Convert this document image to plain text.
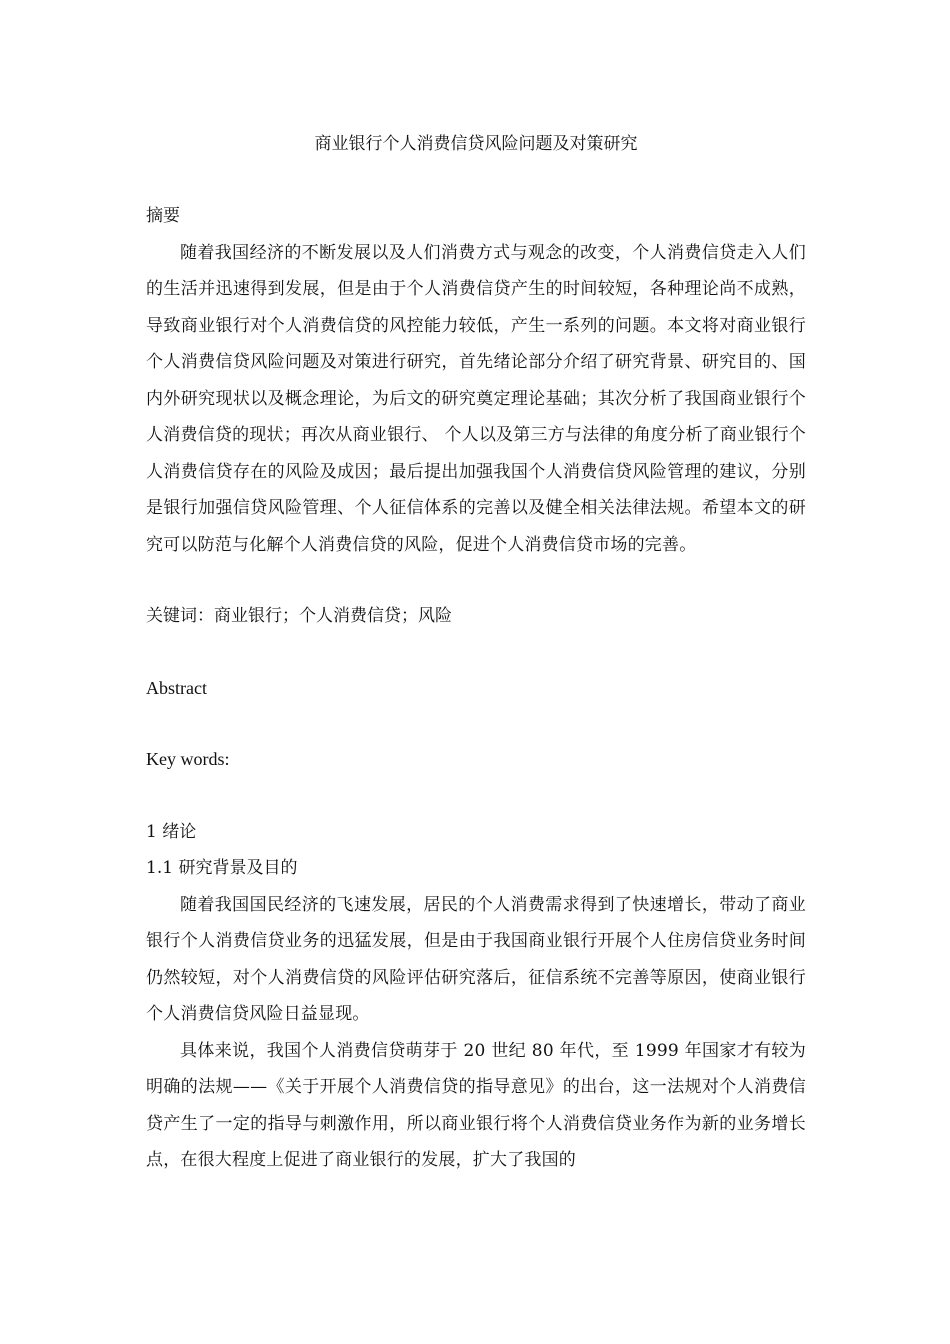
商业银行个人消费信贷风险问题及对策研究

摘要

随着我国经济的不断发展以及人们消费方式与观念的改变，个人消费信贷走入人们的生活并迅速得到发展，但是由于个人消费信贷产生的时间较短，各种理论尚不成熟，导致商业银行对个人消费信贷的风控能力较低，产生一系列的问题。本文将对商业银行个人消费信贷风险问题及对策进行研究，首先绪论部分介绍了研究背景、研究目的、国内外研究现状以及概念理论，为后文的研究奠定理论基础；其次分析了我国商业银行个人消费信贷的现状；再次从商业银行、 个人以及第三方与法律的角度分析了商业银行个人消费信贷存在的风险及成因；最后提出加强我国个人消费信贷风险管理的建议，分别是银行加强信贷风险管理、个人征信体系的完善以及健全相关法律法规。希望本文的研究可以防范与化解个人消费信贷的风险，促进个人消费信贷市场的完善。

关键词：商业银行；个人消费信贷；风险

Abstract

Key words:

1 绪论

1.1 研究背景及目的

随着我国国民经济的飞速发展，居民的个人消费需求得到了快速增长，带动了商业银行个人消费信贷业务的迅猛发展，但是由于我国商业银行开展个人住房信贷业务时间仍然较短，对个人消费信贷的风险评估研究落后，征信系统不完善等原因，使商业银行个人消费信贷风险日益显现。

具体来说，我国个人消费信贷萌芽于 20 世纪 80 年代，至 1999 年国家才有较为明确的法规——《关于开展个人消费信贷的指导意见》的出台，这一法规对个人消费信贷产生了一定的指导与刺激作用，所以商业银行将个人消费信贷业务作为新的业务增长点，在很大程度上促进了商业银行的发展，扩大了我国的
